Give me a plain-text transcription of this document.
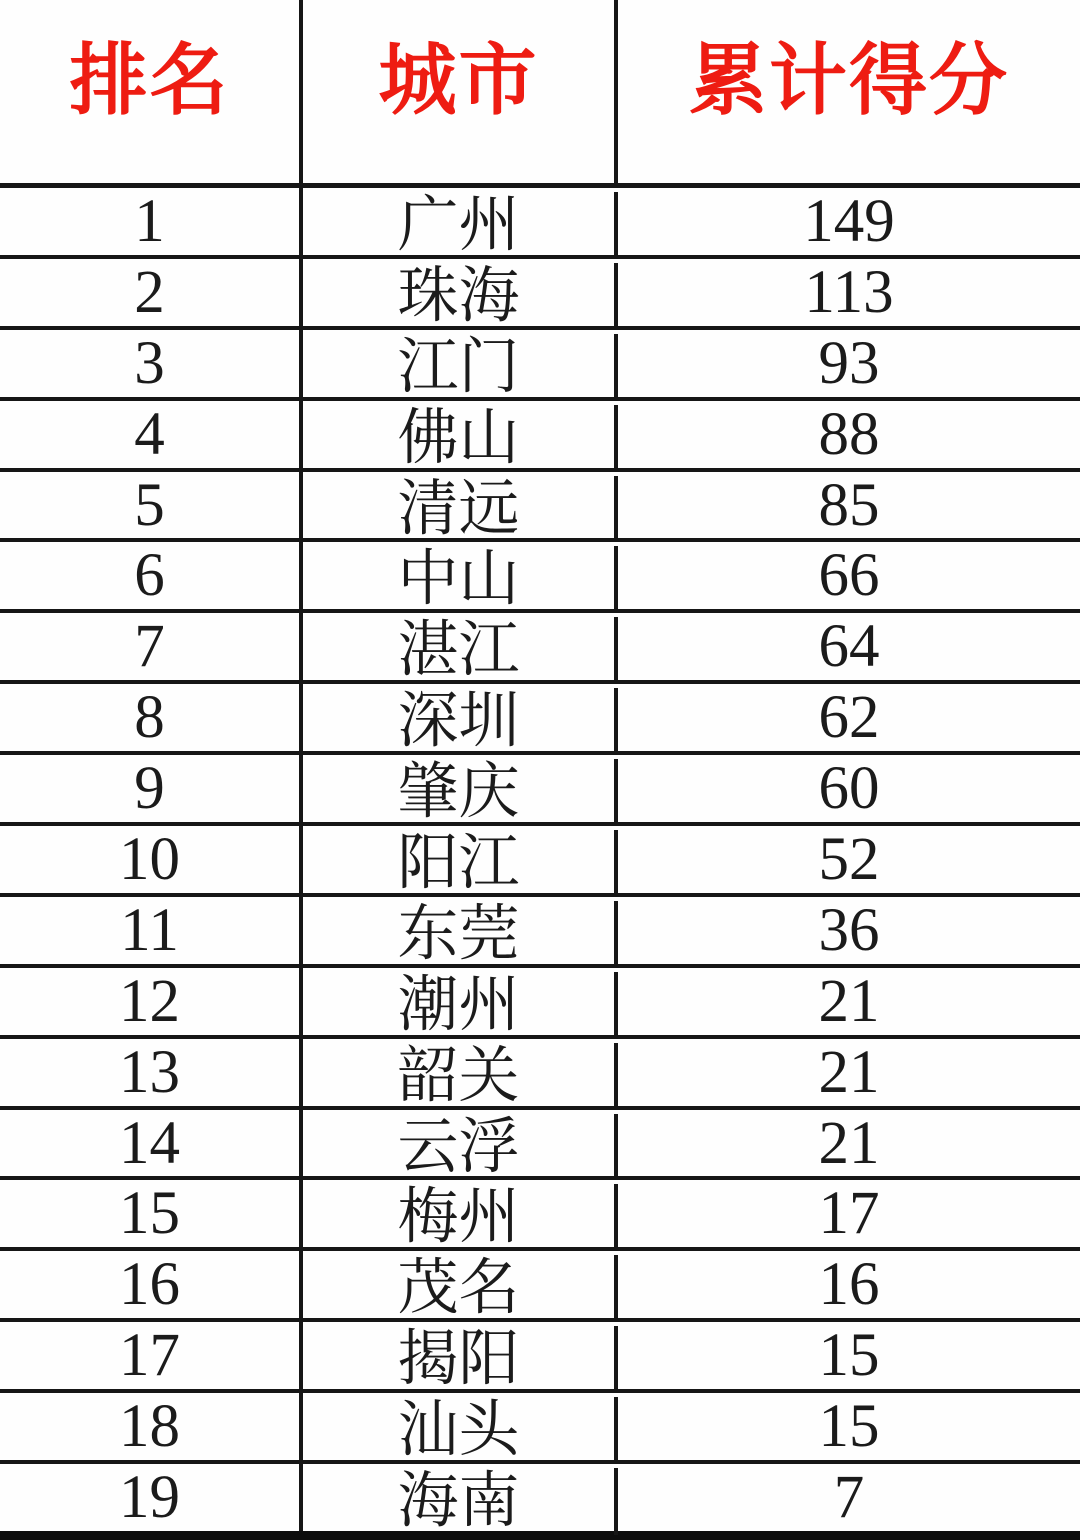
排名	城市	累计得分
1	广州	149
2	珠海	113
3	江门	93
4	佛山	88
5	清远	85
6	中山	66
7	湛江	64
8	深圳	62
9	肇庆	60
10	阳江	52
11	东莞	36
12	潮州	21
13	韶关	21
14	云浮	21
15	梅州	17
16	茂名	16
17	揭阳	15
18	汕头	15
19	海南	7
